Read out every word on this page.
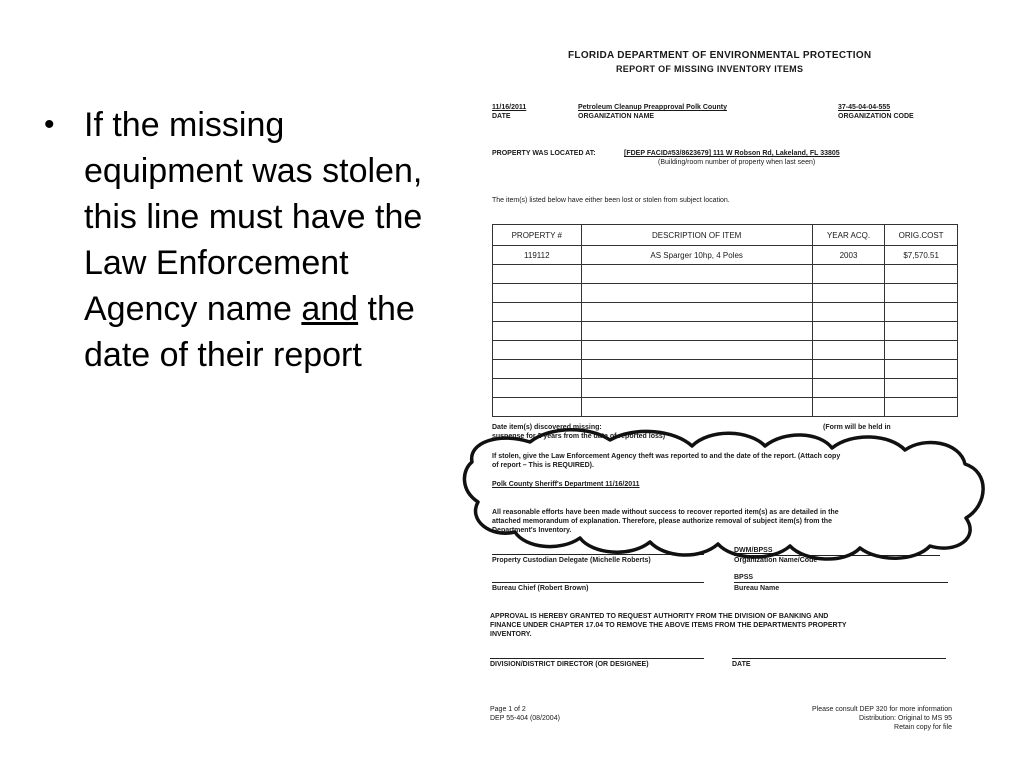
• If the missing equipment was stolen, this line must have the Law Enforcement Agency name and the date of their report
FLORIDA DEPARTMENT OF ENVIRONMENTAL PROTECTION
REPORT OF MISSING INVENTORY ITEMS
11/16/2011
DATE
Petroleum Cleanup Preapproval Polk County
ORGANIZATION NAME
37-45-04-04-555
ORGANIZATION CODE
PROPERTY WAS LOCATED AT:	[FDEP FACID#53/8623679] 111 W Robson Rd, Lakeland, FL 33805
(Building/room number of property when last seen)
The item(s) listed below have either been lost or stolen from subject location.
PROPERTY #	DESCRIPTION OF ITEM	YEAR ACQ.	ORIG.COST
119112	AS Sparger 10hp, 4 Poles	2003	$7,570.51

Date item(s) discovered missing:	(Form will be held in
suspense for 2 years from the date of reported loss)
If stolen, give the Law Enforcement Agency theft was reported to and the date of the report. (Attach copy
of report – This is REQUIRED).
Polk County Sheriff's Department 11/16/2011
All reasonable efforts have been made without success to recover reported item(s) as are detailed in the
attached memorandum of explanation. Therefore, please authorize removal of subject item(s) from the
Department's Inventory.
Property Custodian Delegate (Michelle Roberts)
DWM/BPSS
Organization Name/Code
Bureau Chief (Robert Brown)
BPSS
Bureau Name
APPROVAL IS HEREBY GRANTED TO REQUEST AUTHORITY FROM THE DIVISION OF BANKING AND
FINANCE UNDER CHAPTER 17.04 TO REMOVE THE ABOVE ITEMS FROM THE DEPARTMENTS PROPERTY
INVENTORY.
DIVISION/DISTRICT DIRECTOR (OR DESIGNEE)	DATE
Page 1 of 2
DEP 55-404 (08/2004)
Please consult DEP 320 for more information
Distribution: Original to MS 95
Retain copy for file
